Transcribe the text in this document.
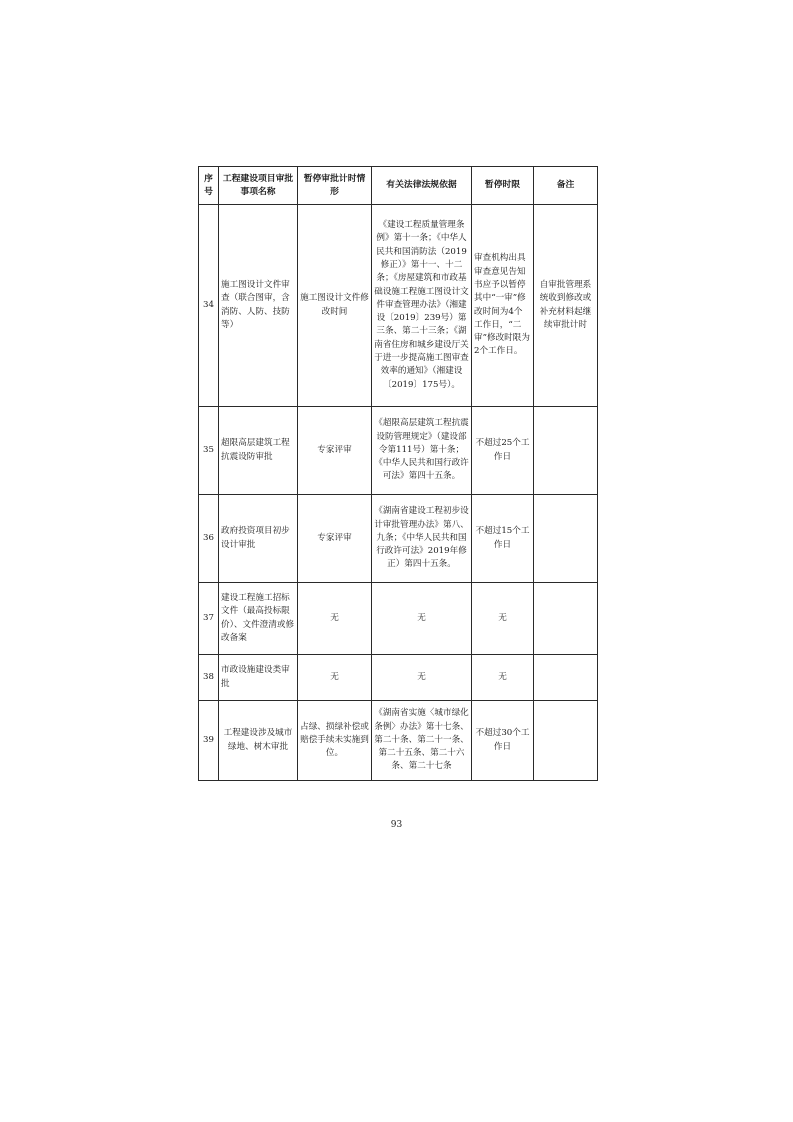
序号	工程建设项目审批事项名称	暂停审批计时情形	有关法律法规依据	暂停时限	备注
34	施工图设计文件审查（联合图审，含消防、人防、技防等）	施工图设计文件修改时间	《建设工程质量管理条例》第十一条；《中华人民共和国消防法（2019修正）》第十一、十二条；《房屋建筑和市政基础设施工程施工图设计文件审查管理办法》（湘建设〔2019〕239号）第三条、第二十三条；《湖南省住房和城乡建设厅关于进一步提高施工图审查效率的通知》（湘建设〔2019〕175号）。	审查机构出具审查意见告知书应予以暂停其中“一审”修改时间为4个工作日，“二审”修改时限为2个工作日。	自审批管理系统收到修改或补充材料起继续审批计时
35	超限高层建筑工程抗震设防审批	专家评审	《超限高层建筑工程抗震设防管理规定》（建设部令第111号）第十条；《中华人民共和国行政许可法》第四十五条。	不超过25个工作日	
36	政府投资项目初步设计审批	专家评审	《湖南省建设工程初步设计审批管理办法》第八、九条；《中华人民共和国行政许可法》2019年修正）第四十五条。	不超过15个工作日	
37	建设工程施工招标文件（最高投标限价）、文件澄清或修改备案	无	无	无	
38	市政设施建设类审批	无	无	无	
39	工程建设涉及城市绿地、树木审批	占绿、损绿补偿或赔偿手续未实施到位。	《湖南省实施〈城市绿化条例〉办法》第十七条、第二十条、第二十一条、第二十五条、第二十六条、第二十七条	不超过30个工作日	
93
